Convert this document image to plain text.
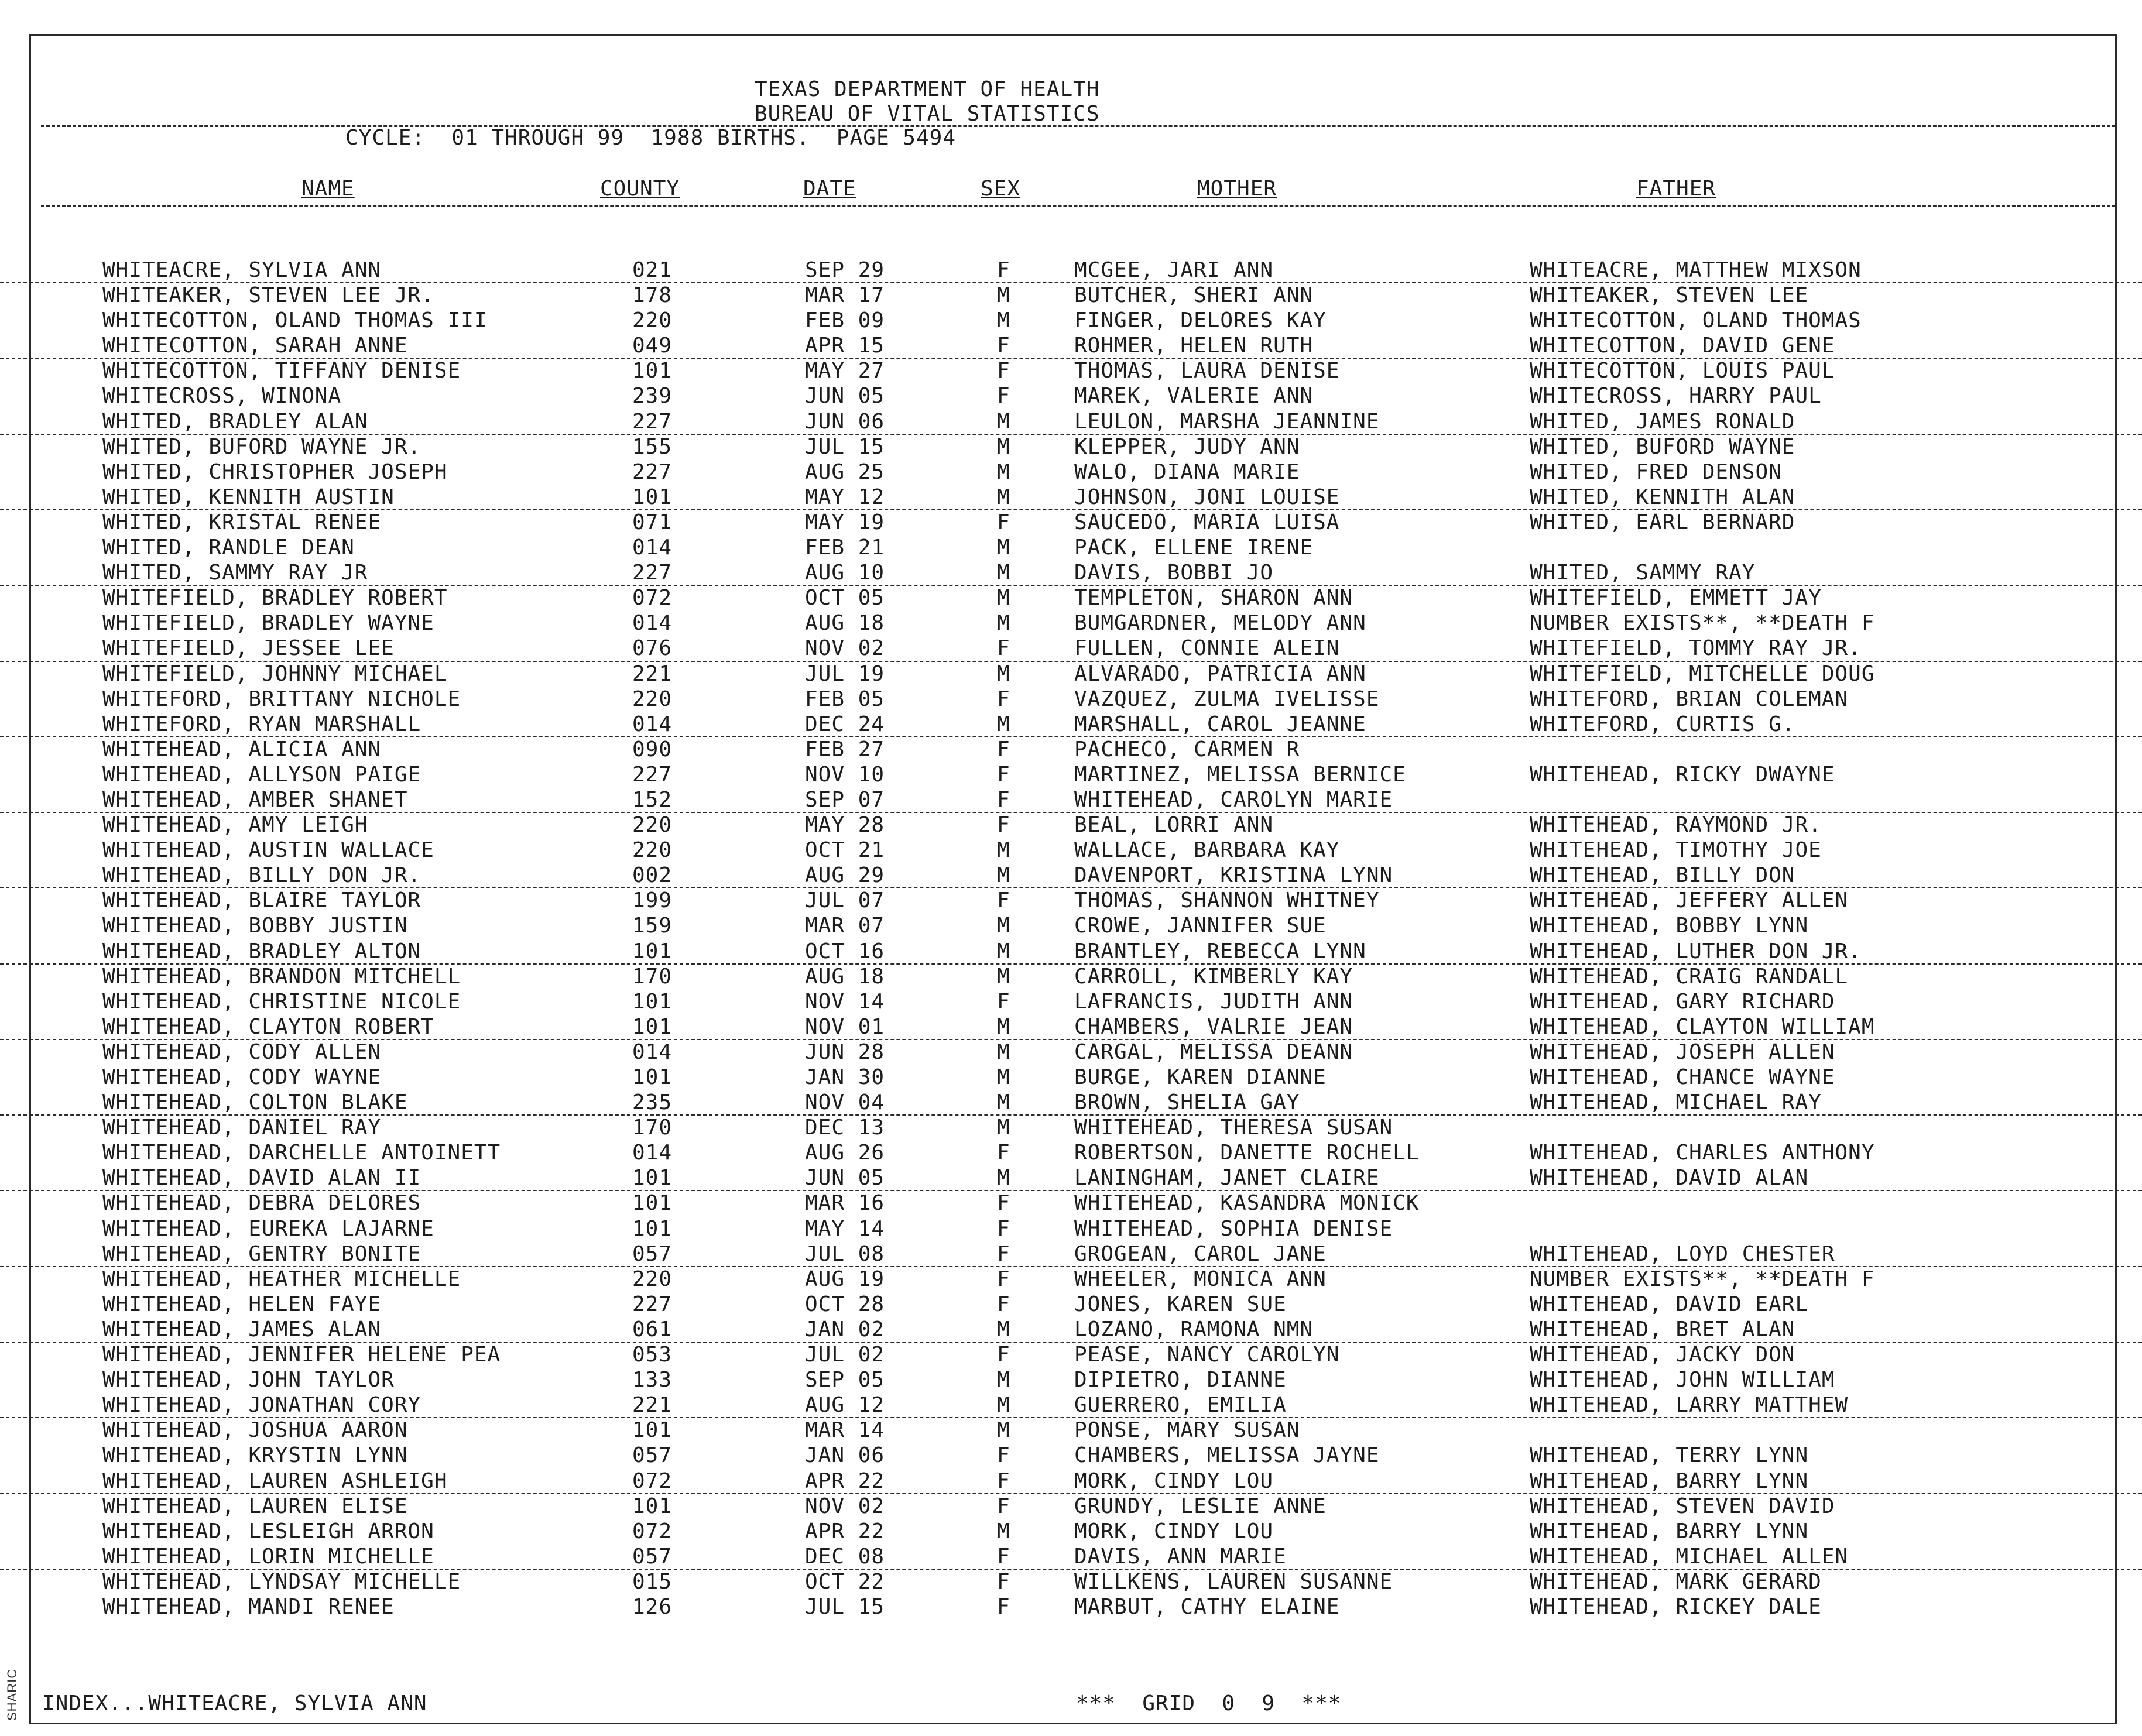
SHARIC
TEXAS DEPARTMENT OF HEALTH
BUREAU OF VITAL STATISTICS
CYCLE:  01 THROUGH 99  1988 BIRTHS.  PAGE 5494
NAME	COUNTY	DATE	SEX	MOTHER	FATHER
WHITEACRE, SYLVIA ANN	021	SEP 29	F	MCGEE, JARI ANN	WHITEACRE, MATTHEW MIXSON
WHITEAKER, STEVEN LEE JR.	178	MAR 17	M	BUTCHER, SHERI ANN	WHITEAKER, STEVEN LEE
WHITECOTTON, OLAND THOMAS III	220	FEB 09	M	FINGER, DELORES KAY	WHITECOTTON, OLAND THOMAS
WHITECOTTON, SARAH ANNE	049	APR 15	F	ROHMER, HELEN RUTH	WHITECOTTON, DAVID GENE
WHITECOTTON, TIFFANY DENISE	101	MAY 27	F	THOMAS, LAURA DENISE	WHITECOTTON, LOUIS PAUL
WHITECROSS, WINONA	239	JUN 05	F	MAREK, VALERIE ANN	WHITECROSS, HARRY PAUL
WHITED, BRADLEY ALAN	227	JUN 06	M	LEULON, MARSHA JEANNINE	WHITED, JAMES RONALD
WHITED, BUFORD WAYNE JR.	155	JUL 15	M	KLEPPER, JUDY ANN	WHITED, BUFORD WAYNE
WHITED, CHRISTOPHER JOSEPH	227	AUG 25	M	WALO, DIANA MARIE	WHITED, FRED DENSON
WHITED, KENNITH AUSTIN	101	MAY 12	M	JOHNSON, JONI LOUISE	WHITED, KENNITH ALAN
WHITED, KRISTAL RENEE	071	MAY 19	F	SAUCEDO, MARIA LUISA	WHITED, EARL BERNARD
WHITED, RANDLE DEAN	014	FEB 21	M	PACK, ELLENE IRENE
WHITED, SAMMY RAY JR	227	AUG 10	M	DAVIS, BOBBI JO	WHITED, SAMMY RAY
WHITEFIELD, BRADLEY ROBERT	072	OCT 05	M	TEMPLETON, SHARON ANN	WHITEFIELD, EMMETT JAY
WHITEFIELD, BRADLEY WAYNE	014	AUG 18	M	BUMGARDNER, MELODY ANN	NUMBER EXISTS**, **DEATH F
WHITEFIELD, JESSEE LEE	076	NOV 02	F	FULLEN, CONNIE ALEIN	WHITEFIELD, TOMMY RAY JR.
WHITEFIELD, JOHNNY MICHAEL	221	JUL 19	M	ALVARADO, PATRICIA ANN	WHITEFIELD, MITCHELLE DOUG
WHITEFORD, BRITTANY NICHOLE	220	FEB 05	F	VAZQUEZ, ZULMA IVELISSE	WHITEFORD, BRIAN COLEMAN
WHITEFORD, RYAN MARSHALL	014	DEC 24	M	MARSHALL, CAROL JEANNE	WHITEFORD, CURTIS G.
WHITEHEAD, ALICIA ANN	090	FEB 27	F	PACHECO, CARMEN R
WHITEHEAD, ALLYSON PAIGE	227	NOV 10	F	MARTINEZ, MELISSA BERNICE	WHITEHEAD, RICKY DWAYNE
WHITEHEAD, AMBER SHANET	152	SEP 07	F	WHITEHEAD, CAROLYN MARIE
WHITEHEAD, AMY LEIGH	220	MAY 28	F	BEAL, LORRI ANN	WHITEHEAD, RAYMOND JR.
WHITEHEAD, AUSTIN WALLACE	220	OCT 21	M	WALLACE, BARBARA KAY	WHITEHEAD, TIMOTHY JOE
WHITEHEAD, BILLY DON JR.	002	AUG 29	M	DAVENPORT, KRISTINA LYNN	WHITEHEAD, BILLY DON
WHITEHEAD, BLAIRE TAYLOR	199	JUL 07	F	THOMAS, SHANNON WHITNEY	WHITEHEAD, JEFFERY ALLEN
WHITEHEAD, BOBBY JUSTIN	159	MAR 07	M	CROWE, JANNIFER SUE	WHITEHEAD, BOBBY LYNN
WHITEHEAD, BRADLEY ALTON	101	OCT 16	M	BRANTLEY, REBECCA LYNN	WHITEHEAD, LUTHER DON JR.
WHITEHEAD, BRANDON MITCHELL	170	AUG 18	M	CARROLL, KIMBERLY KAY	WHITEHEAD, CRAIG RANDALL
WHITEHEAD, CHRISTINE NICOLE	101	NOV 14	F	LAFRANCIS, JUDITH ANN	WHITEHEAD, GARY RICHARD
WHITEHEAD, CLAYTON ROBERT	101	NOV 01	M	CHAMBERS, VALRIE JEAN	WHITEHEAD, CLAYTON WILLIAM
WHITEHEAD, CODY ALLEN	014	JUN 28	M	CARGAL, MELISSA DEANN	WHITEHEAD, JOSEPH ALLEN
WHITEHEAD, CODY WAYNE	101	JAN 30	M	BURGE, KAREN DIANNE	WHITEHEAD, CHANCE WAYNE
WHITEHEAD, COLTON BLAKE	235	NOV 04	M	BROWN, SHELIA GAY	WHITEHEAD, MICHAEL RAY
WHITEHEAD, DANIEL RAY	170	DEC 13	M	WHITEHEAD, THERESA SUSAN
WHITEHEAD, DARCHELLE ANTOINETT	014	AUG 26	F	ROBERTSON, DANETTE ROCHELL	WHITEHEAD, CHARLES ANTHONY
WHITEHEAD, DAVID ALAN II	101	JUN 05	M	LANINGHAM, JANET CLAIRE	WHITEHEAD, DAVID ALAN
WHITEHEAD, DEBRA DELORES	101	MAR 16	F	WHITEHEAD, KASANDRA MONICK
WHITEHEAD, EUREKA LAJARNE	101	MAY 14	F	WHITEHEAD, SOPHIA DENISE
WHITEHEAD, GENTRY BONITE	057	JUL 08	F	GROGEAN, CAROL JANE	WHITEHEAD, LOYD CHESTER
WHITEHEAD, HEATHER MICHELLE	220	AUG 19	F	WHEELER, MONICA ANN	NUMBER EXISTS**, **DEATH F
WHITEHEAD, HELEN FAYE	227	OCT 28	F	JONES, KAREN SUE	WHITEHEAD, DAVID EARL
WHITEHEAD, JAMES ALAN	061	JAN 02	M	LOZANO, RAMONA NMN	WHITEHEAD, BRET ALAN
WHITEHEAD, JENNIFER HELENE PEA	053	JUL 02	F	PEASE, NANCY CAROLYN	WHITEHEAD, JACKY DON
WHITEHEAD, JOHN TAYLOR	133	SEP 05	M	DIPIETRO, DIANNE	WHITEHEAD, JOHN WILLIAM
WHITEHEAD, JONATHAN CORY	221	AUG 12	M	GUERRERO, EMILIA	WHITEHEAD, LARRY MATTHEW
WHITEHEAD, JOSHUA AARON	101	MAR 14	M	PONSE, MARY SUSAN
WHITEHEAD, KRYSTIN LYNN	057	JAN 06	F	CHAMBERS, MELISSA JAYNE	WHITEHEAD, TERRY LYNN
WHITEHEAD, LAUREN ASHLEIGH	072	APR 22	F	MORK, CINDY LOU	WHITEHEAD, BARRY LYNN
WHITEHEAD, LAUREN ELISE	101	NOV 02	F	GRUNDY, LESLIE ANNE	WHITEHEAD, STEVEN DAVID
WHITEHEAD, LESLEIGH ARRON	072	APR 22	M	MORK, CINDY LOU	WHITEHEAD, BARRY LYNN
WHITEHEAD, LORIN MICHELLE	057	DEC 08	F	DAVIS, ANN MARIE	WHITEHEAD, MICHAEL ALLEN
WHITEHEAD, LYNDSAY MICHELLE	015	OCT 22	F	WILLKENS, LAUREN SUSANNE	WHITEHEAD, MARK GERARD
WHITEHEAD, MANDI RENEE	126	JUL 15	F	MARBUT, CATHY ELAINE	WHITEHEAD, RICKEY DALE
INDEX...WHITEACRE, SYLVIA ANN	***  GRID  0  9  ***
